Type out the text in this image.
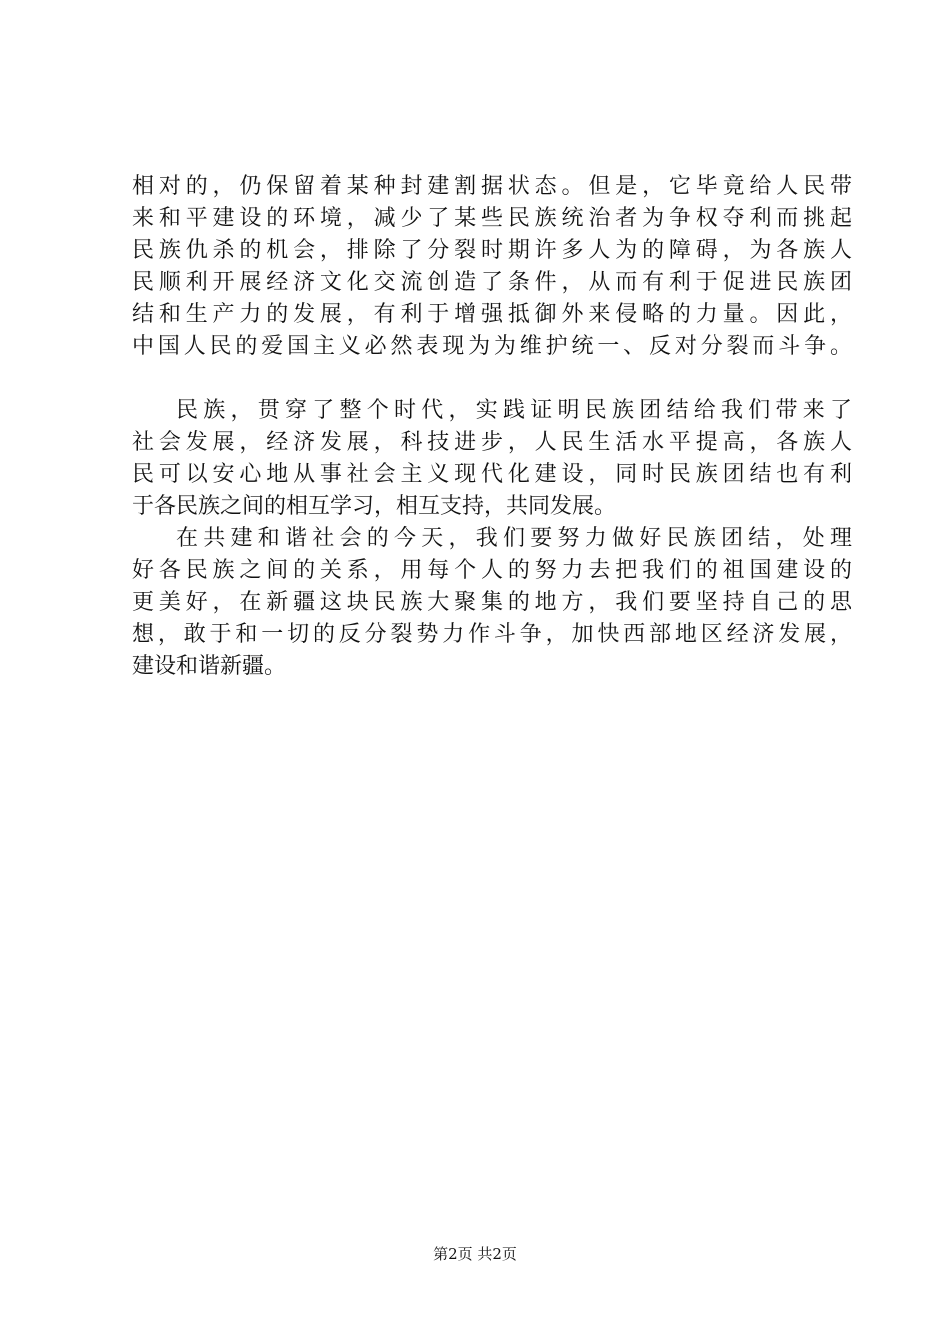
相对的，仍保留着某种封建割据状态。但是，它毕竟给人民带
来和平建设的环境，减少了某些民族统治者为争权夺利而挑起
民族仇杀的机会，排除了分裂时期许多人为的障碍，为各族人
民顺利开展经济文化交流创造了条件，从而有利于促进民族团
结和生产力的发展，有利于增强抵御外来侵略的力量。因此，
中国人民的爱国主义必然表现为为维护统一、反对分裂而斗争。
民族，贯穿了整个时代，实践证明民族团结给我们带来了
社会发展，经济发展，科技进步，人民生活水平提高，各族人
民可以安心地从事社会主义现代化建设，同时民族团结也有利
于各民族之间的相互学习，相互支持，共同发展。
在共建和谐社会的今天，我们要努力做好民族团结，处理
好各民族之间的关系，用每个人的努力去把我们的祖国建设的
更美好，在新疆这块民族大聚集的地方，我们要坚持自己的思
想，敢于和一切的反分裂势力作斗争，加快西部地区经济发展，
建设和谐新疆。
第2页 共2页
